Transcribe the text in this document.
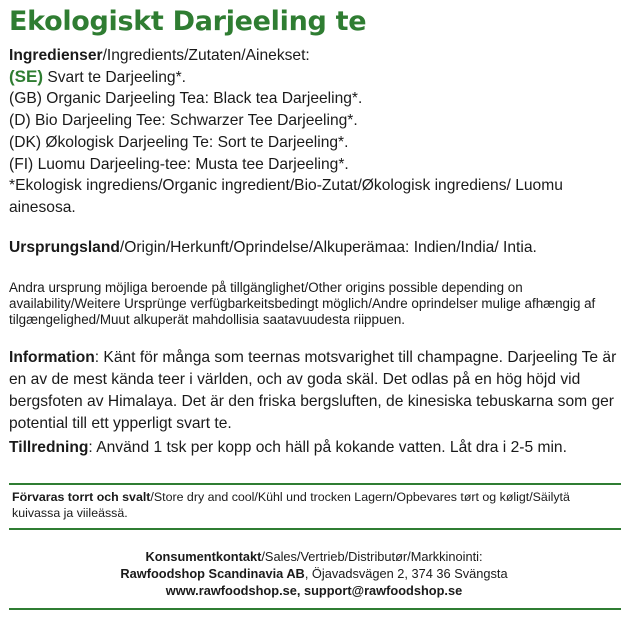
Ekologiskt Darjeeling te
Ingredienser/Ingredients/Zutaten/Ainekset:
(SE) Svart te Darjeeling*.
(GB) Organic Darjeeling Tea: Black tea Darjeeling*.
(D) Bio Darjeeling Tee: Schwarzer Tee Darjeeling*.
(DK) Økologisk Darjeeling Te: Sort te Darjeeling*.
(FI) Luomu Darjeeling-tee: Musta tee Darjeeling*.
*Ekologisk ingrediens/Organic ingredient/Bio-Zutat/Økologisk ingrediens/ Luomu ainesosa.
Ursprungsland/Origin/Herkunft/Oprindelse/Alkuperämaa: Indien/India/ Intia.
Andra ursprung möjliga beroende på tillgänglighet/Other origins possible depending on availability/Weitere Ursprünge verfügbarkeitsbedingt möglich/Andre oprindelser mulige afhængig af tilgængelighed/Muut alkuperät mahdollisia saatavuudesta riippuen.
Information: Känt för många som teernas motsvarighet till champagne. Darjeeling Te är en av de mest kända teer i världen, och av goda skäl. Det odlas på en hög höjd vid bergsfoten av Himalaya. Det är den friska bergsluften, de kinesiska tebuskarna som ger potential till ett ypperligt svart te.
Tillredning: Använd 1 tsk per kopp och häll på kokande vatten. Låt dra i 2-5 min.
Förvaras torrt och svalt/Store dry and cool/Kühl und trocken Lagern/Opbevares tørt og køligt/Säilytä kuivassa ja viileässä.
Konsumentkontakt/Sales/Vertrieb/Distributør/Markkinointi:
Rawfoodshop Scandinavia AB, Öjavadsvägen 2, 374 36 Svängsta
www.rawfoodshop.se, support@rawfoodshop.se
